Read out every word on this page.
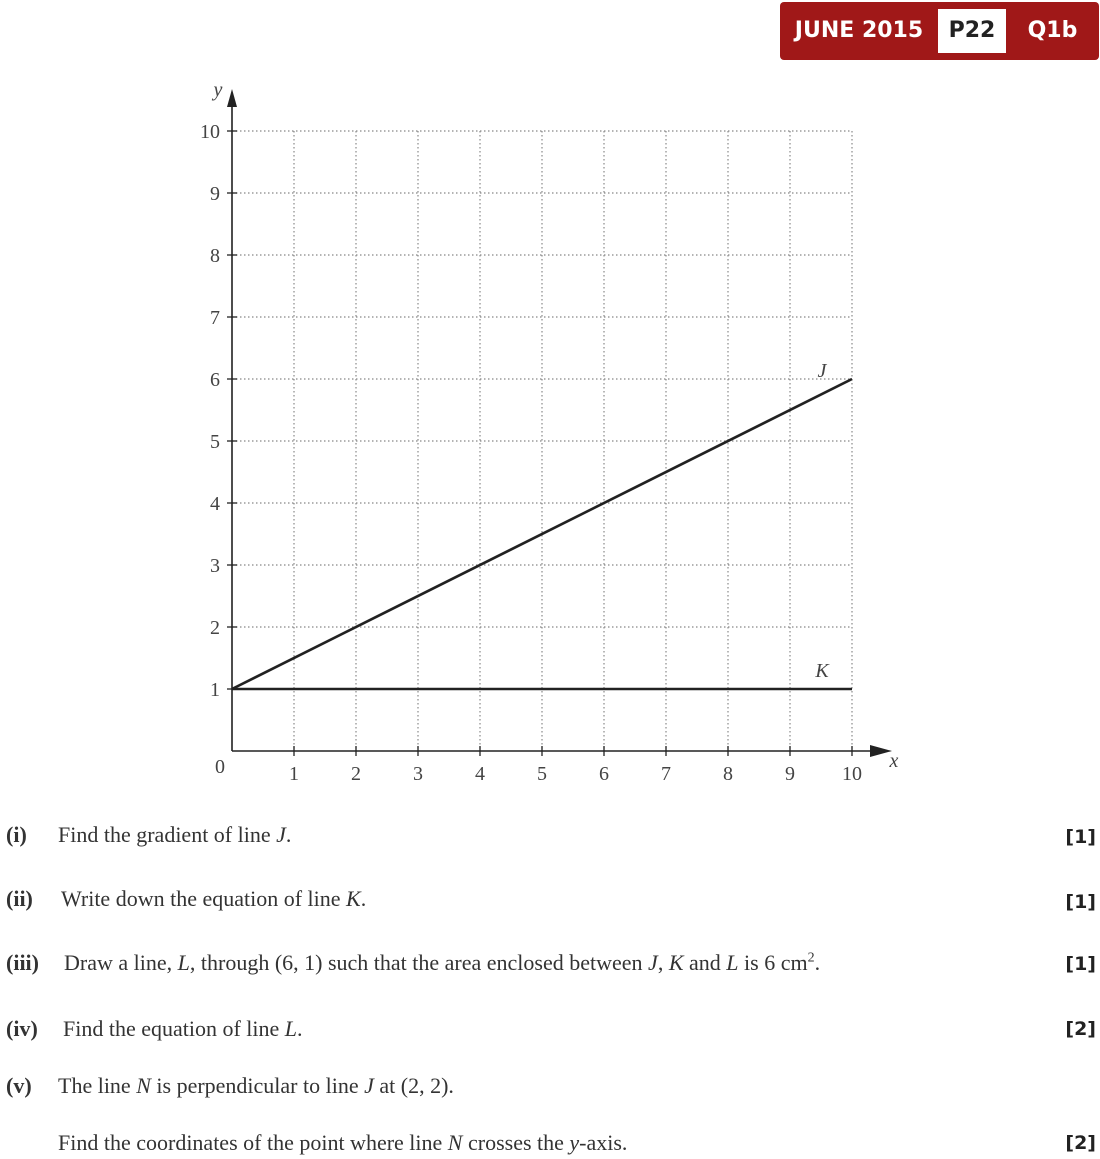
JUNE 2015	P22	Q1b
y
x
0	1	2	3	4	5	6	7	8	9 10
1
2
3
4
5
6
7
8
9
10
J
K
(i) Find the gradient of line J.	[1]
(ii) Write down the equation of line K.	[1]
(iii) Draw a line, L, through (6, 1) such that the area enclosed between J, K and L is 6 $cm^2$.	[1]
(iv) Find the equation of line L.	[2]
(v) The line N is perpendicular to line J at (2, 2).
Find the coordinates of the point where line N crosses the y-axis.	[2]
